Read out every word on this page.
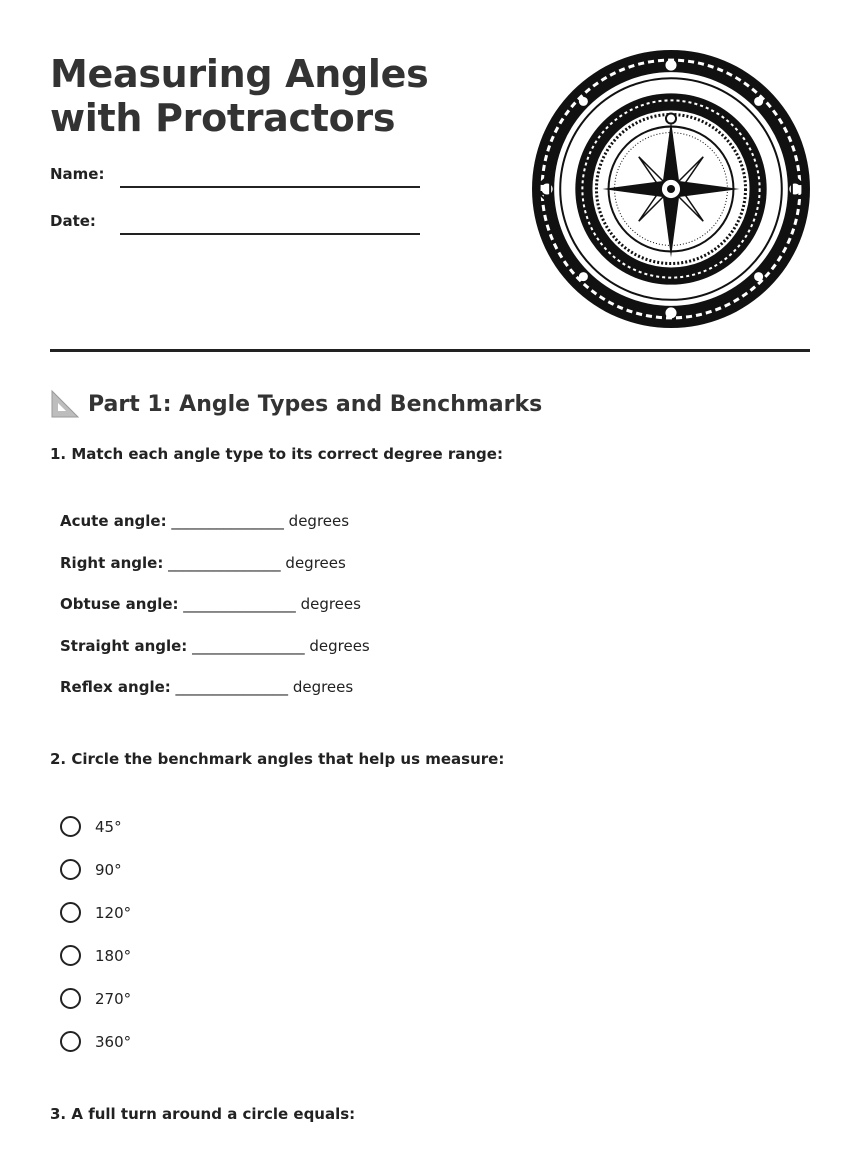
Measuring Angles with Protractors
Name:
Date:
Part 1: Angle Types and Benchmarks
1. Match each angle type to its correct degree range:
Acute angle: _______________ degrees
Right angle: _______________ degrees
Obtuse angle: _______________ degrees
Straight angle: _______________ degrees
Reflex angle: _______________ degrees
2. Circle the benchmark angles that help us measure:
45°
90°
120°
180°
270°
360°
3. A full turn around a circle equals:
